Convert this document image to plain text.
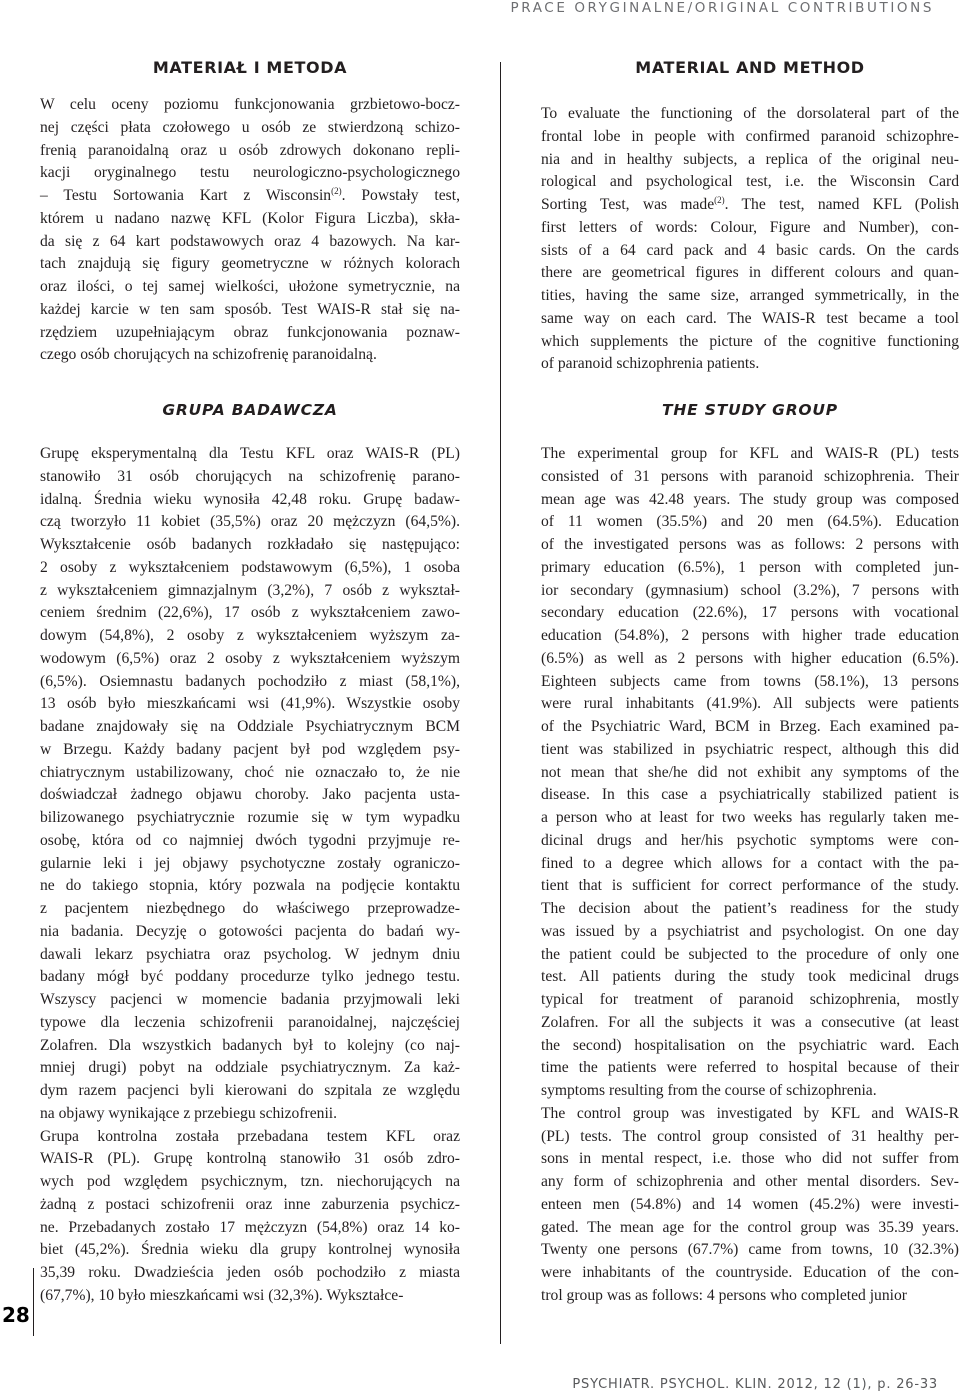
PRACE ORYGINALNE/ORIGINAL CONTRIBUTIONS
28
MATERIAŁ I METODA
W celu oceny poziomu funkcjonowania grzbietowo-bocz-
nej części płata czołowego u osób ze stwierdzoną schizo-
frenią paranoidalną oraz u osób zdrowych dokonano repli-
kacji oryginalnego testu neurologiczno-psychologicznego
– Testu Sortowania Kart z Wisconsin$^{(2)}$. Powstały test,
którem u nadano nazwę KFL (Kolor Figura Liczba), skła-
da się z 64 kart podstawowych oraz 4 bazowych. Na kar-
tach znajdują się figury geometryczne w różnych kolorach
oraz ilości, o tej samej wielkości, ułożone symetrycznie, na
każdej karcie w ten sam sposób. Test WAIS-R stał się na-
rzędziem uzupełniającym obraz funkcjonowania poznaw-
czego osób chorujących na schizofrenię paranoidalną.
GRUPA BADAWCZA
Grupę eksperymentalną dla Testu KFL oraz WAIS-R (PL)
stanowiło 31 osób chorujących na schizofrenię parano-
idalną. Średnia wieku wynosiła 42,48 roku. Grupę badaw-
czą tworzyło 11 kobiet (35,5%) oraz 20 mężczyzn (64,5%).
Wykształcenie osób badanych rozkładało się następująco:
2 osoby z wykształceniem podstawowym (6,5%), 1 osoba
z wykształceniem gimnazjalnym (3,2%), 7 osób z wykształ-
ceniem średnim (22,6%), 17 osób z wykształceniem zawo-
dowym (54,8%), 2 osoby z wykształceniem wyższym za-
wodowym (6,5%) oraz 2 osoby z wykształceniem wyższym
(6,5%). Osiemnastu badanych pochodziło z miast (58,1%),
13 osób było mieszkańcami wsi (41,9%). Wszystkie osoby
badane znajdowały się na Oddziale Psychiatrycznym BCM
w Brzegu. Każdy badany pacjent był pod względem psy-
chiatrycznym ustabilizowany, choć nie oznaczało to, że nie
doświadczał żadnego objawu choroby. Jako pacjenta usta-
bilizowanego psychiatrycznie rozumie się w tym wypadku
osobę, która od co najmniej dwóch tygodni przyjmuje re-
gularnie leki i jej objawy psychotyczne zostały ograniczo-
ne do takiego stopnia, który pozwala na podjęcie kontaktu
z pacjentem niezbędnego do właściwego przeprowadze-
nia badania. Decyzję o gotowości pacjenta do badań wy-
dawali lekarz psychiatra oraz psycholog. W jednym dniu
badany mógł być poddany procedurze tylko jednego testu.
Wszyscy pacjenci w momencie badania przyjmowali leki
typowe dla leczenia schizofrenii paranoidalnej, najczęściej
Zolafren. Dla wszystkich badanych był to kolejny (co naj-
mniej drugi) pobyt na oddziale psychiatrycznym. Za każ-
dym razem pacjenci byli kierowani do szpitala ze względu
na objawy wynikające z przebiegu schizofrenii.
Grupa kontrolna została przebadana testem KFL oraz
WAIS-R (PL). Grupę kontrolną stanowiło 31 osób zdro-
wych pod względem psychicznym, tzn. niechorujących na
żadną z postaci schizofrenii oraz inne zaburzenia psychicz-
ne. Przebadanych zostało 17 mężczyzn (54,8%) oraz 14 ko-
biet (45,2%). Średnia wieku dla grupy kontrolnej wynosiła
35,39 roku. Dwadzieścia jeden osób pochodziło z miasta
(67,7%), 10 było mieszkańcami wsi (32,3%). Wykształce-
MATERIAL AND METHOD
To evaluate the functioning of the dorsolateral part of the
frontal lobe in people with confirmed paranoid schizophre-
nia and in healthy subjects, a replica of the original neu-
rological and psychological test, i.e. the Wisconsin Card
Sorting Test, was made$^{(2)}$. The test, named KFL (Polish
first letters of words: Colour, Figure and Number), con-
sists of a 64 card pack and 4 basic cards. On the cards
there are geometrical figures in different colours and quan-
tities, having the same size, arranged symmetrically, in the
same way on each card. The WAIS-R test became a tool
which supplements the picture of the cognitive functioning
of paranoid schizophrenia patients.
THE STUDY GROUP
The experimental group for KFL and WAIS-R (PL) tests
consisted of 31 persons with paranoid schizophrenia. Their
mean age was 42.48 years. The study group was composed
of 11 women (35.5%) and 20 men (64.5%). Education
of the investigated persons was as follows: 2 persons with
primary education (6.5%), 1 person with completed jun-
ior secondary (gymnasium) school (3.2%), 7 persons with
secondary education (22.6%), 17 persons with vocational
education (54.8%), 2 persons with higher trade education
(6.5%) as well as 2 persons with higher education (6.5%).
Eighteen subjects came from towns (58.1%), 13 persons
were rural inhabitants (41.9%). All subjects were patients
of the Psychiatric Ward, BCM in Brzeg. Each examined pa-
tient was stabilized in psychiatric respect, although this did
not mean that she/he did not exhibit any symptoms of the
disease. In this case a psychiatrically stabilized patient is
a person who at least for two weeks has regularly taken me-
dicinal drugs and her/his psychotic symptoms were con-
fined to a degree which allows for a contact with the pa-
tient that is sufficient for correct performance of the study.
The decision about the patient’s readiness for the study
was issued by a psychiatrist and psychologist. On one day
the patient could be subjected to the procedure of only one
test. All patients during the study took medicinal drugs
typical for treatment of paranoid schizophrenia, mostly
Zolafren. For all the subjects it was a consecutive (at least
the second) hospitalisation on the psychiatric ward. Each
time the patients were referred to hospital because of their
symptoms resulting from the course of schizophrenia.
The control group was investigated by KFL and WAIS-R
(PL) tests. The control group consisted of 31 healthy per-
sons in mental respect, i.e. those who did not suffer from
any form of schizophrenia and other mental disorders. Sev-
enteen men (54.8%) and 14 women (45.2%) were investi-
gated. The mean age for the control group was 35.39 years.
Twenty one persons (67.7%) came from towns, 10 (32.3%)
were inhabitants of the countryside. Education of the con-
trol group was as follows: 4 persons who completed junior
PSYCHIATR. PSYCHOL. KLIN. 2012, 12 (1), p. 26-33
